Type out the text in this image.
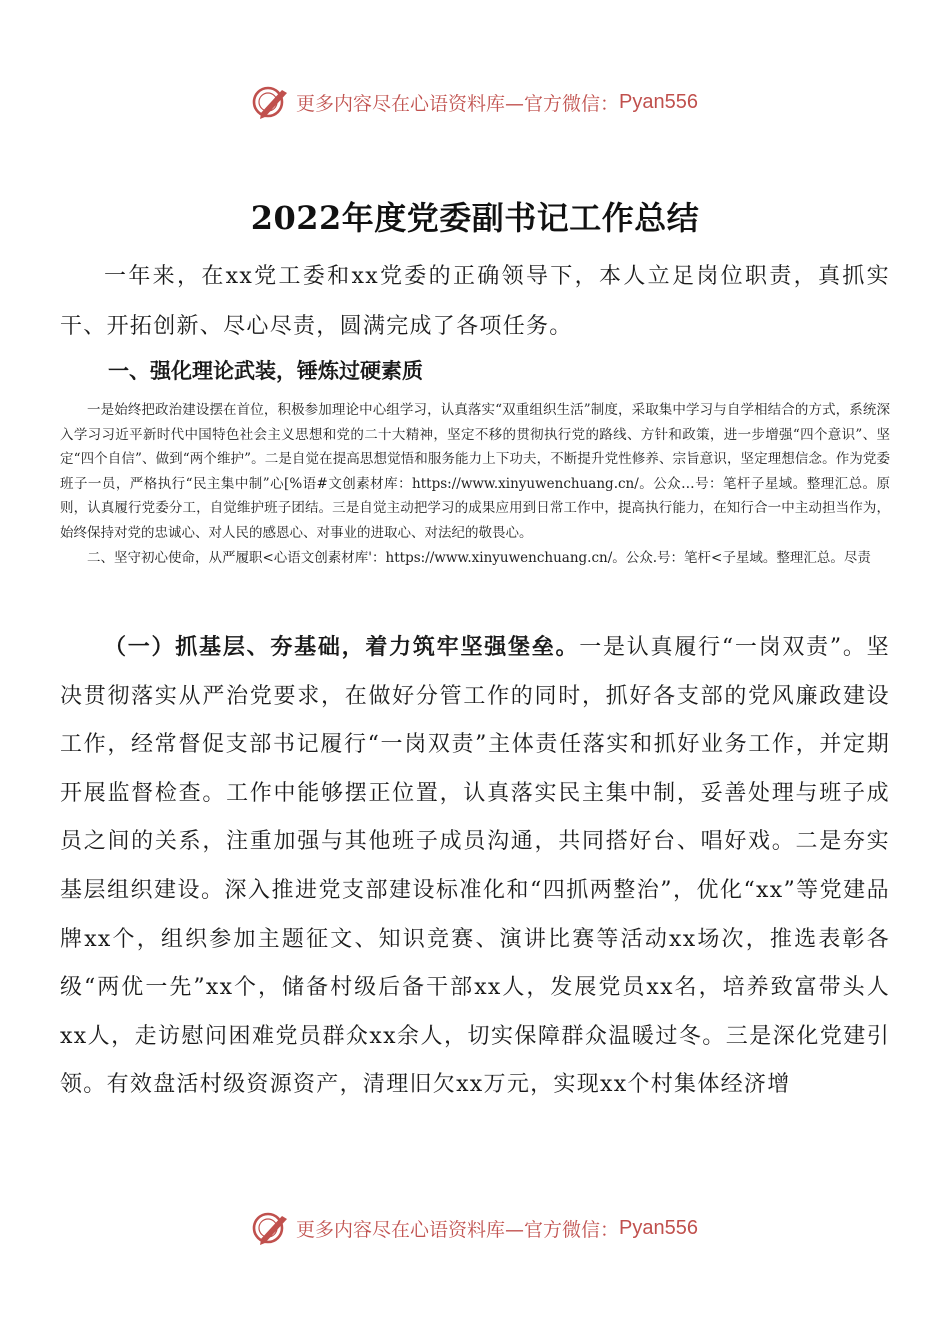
更多内容尽在心语资料库—官方微信： Pyan556
2022年度党委副书记工作总结

一年来，在xx党工委和xx党委的正确领导下，本人立足岗位职责，真抓实干、开拓创新、尽心尽责，圆满完成了各项任务。

一、强化理论武装，锤炼过硬素质

一是始终把政治建设摆在首位，积极参加理论中心组学习，认真落实“双重组织生活”制度，采取集中学习与自学相结合的方式，系统深入学习习近平新时代中国特色社会主义思想和党的二十大精神，坚定不移的贯彻执行党的路线、方针和政策，进一步增强“四个意识”、坚定“四个自信”、做到“两个维护”。二是自觉在提高思想觉悟和服务能力上下功夫，不断提升党性修养、宗旨意识，坚定理想信念。作为党委班子一员，严格执行“民主集中制”心[%语#文创素材库：https://www.xinyuwenchuang.cn/。公众…号：笔杆子星域。整理汇总。原则，认真履行党委分工，自觉维护班子团结。三是自觉主动把学习的成果应用到日常工作中，提高执行能力，在知行合一中主动担当作为，始终保持对党的忠诚心、对人民的感恩心、对事业的进取心、对法纪的敬畏心。

二、坚守初心使命，从严履职<心语文创素材库'：https://www.xinyuwenchuang.cn/。公众.号：笔杆<子星域。整理汇总。尽责

（一）抓基层、夯基础，着力筑牢坚强堡垒。一是认真履行“一岗双责”。坚决贯彻落实从严治党要求，在做好分管工作的同时，抓好各支部的党风廉政建设工作，经常督促支部书记履行“一岗双责”主体责任落实和抓好业务工作，并定期开展监督检查。工作中能够摆正位置，认真落实民主集中制，妥善处理与班子成员之间的关系，注重加强与其他班子成员沟通，共同搭好台、唱好戏。二是夯实基层组织建设。深入推进党支部建设标准化和“四抓两整治”，优化“xx”等党建品牌xx个，组织参加主题征文、知识竞赛、演讲比赛等活动xx场次，推选表彰各级“两优一先”xx个，储备村级后备干部xx人，发展党员xx名，培养致富带头人xx人，走访慰问困难党员群众xx余人，切实保障群众温暖过冬。三是深化党建引领。有效盘活村级资源资产，清理旧欠xx万元，实现xx个村集体经济增

更多内容尽在心语资料库—官方微信： Pyan556
